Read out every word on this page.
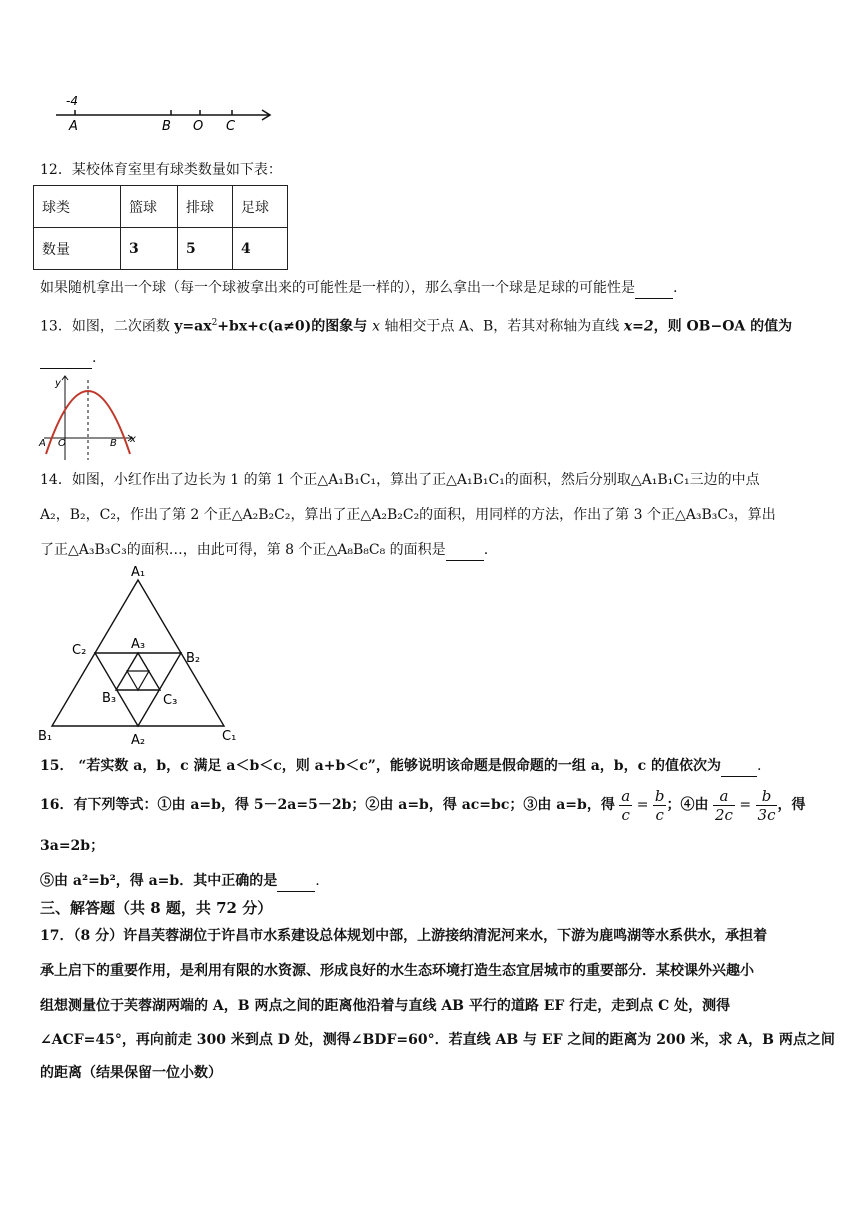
-4
A	B O C
12．某校体育室里有球类数量如下表：
球类	篮球	排球	足球
数量	3	5	4
如果随机拿出一个球（每一个球被拿出来的可能性是一样的），那么拿出一个球是足球的可能性是	.
13．如图，二次函数 $y=ax^2+bx+c(a\ne 0)$的图象与 x 轴相交于点 A、B，若其对称轴为直线 x=2，则 OB−OA 的值为
.
y
x
A O	B
14．如图，小红作出了边长为 1 的第 1 个正△A₁B₁C₁，算出了正△A₁B₁C₁的面积，然后分别取△A₁B₁C₁三边的中点
A₂，B₂，C₂，作出了第 2 个正△A₂B₂C₂，算出了正△A₂B₂C₂的面积，用同样的方法，作出了第 3 个正△A₃B₃C₃，算出
了正△A₃B₃C₃的面积…，由此可得，第 8 个正△A₈B₈C₈ 的面积是	.
A₁
C₂	A₃
B₂
B₃	C₃
B₁	A₂	C₁
15． “若实数 a，b，c 满足 a＜b＜c，则 a+b＜c”，能够说明该命题是假命题的一组 a，b，c 的值依次为	.
16．有下列等式：①由 a=b，得 5－2a=5－2b；②由 a=b，得 ac=bc；③由 a=b，得 $\frac{a}{c} = \frac{b}{c}$ ；④由 $\frac{a}{2c} = \frac{b}{3c}$ ，得
3a=2b；
⑤由 a²=b²，得 a=b．其中正确的是	.
三、解答题（共 8 题，共 72 分）
17．（8 分）许昌芙蓉湖位于许昌市水系建设总体规划中部，上游接纳清泥河来水，下游为鹿鸣湖等水系供水，承担着
承上启下的重要作用，是利用有限的水资源、形成良好的水生态环境打造生态宜居城市的重要部分．某校课外兴趣小
组想测量位于芙蓉湖两端的 A，B 两点之间的距离他沿着与直线 AB 平行的道路 EF 行走，走到点 C 处，测得
∠ACF=45°，再向前走 300 米到点 D 处，测得∠BDF=60°．若直线 AB 与 EF 之间的距离为 200 米，求 A，B 两点之间
的距离（结果保留一位小数）
